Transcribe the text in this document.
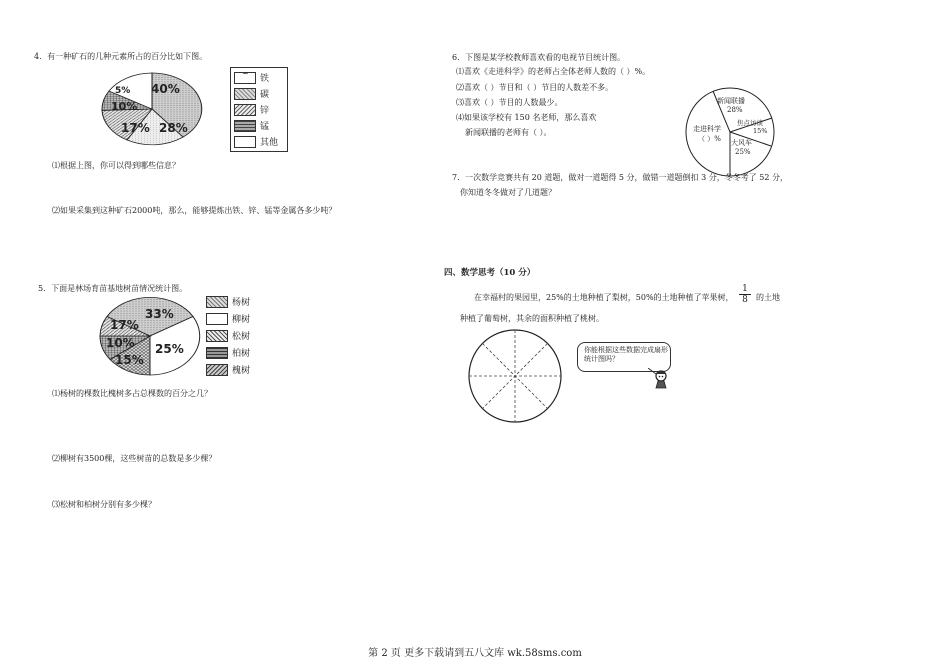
4．有一种矿石的几种元素所占的百分比如下图。
40%
5%
10%
17% 28%
~
铁
碳
锌
锰
其他
⑴根据上图，你可以得到哪些信息？
⑵如果采集到这种矿石2000吨，那么，能够提炼出铁、锌、锰等金属各多少吨？
5．下面是林场育苗基地树苗情况统计图。
33%
25%
17%
10%
15%
杨树
柳树
松树
柏树
槐树
⑴杨树的棵数比槐树多占总棵数的百分之几？
⑵柳树有3500棵，这些树苗的总数是多少棵？
⑶松树和柏树分别有多少棵？
6．下图是某学校教师喜欢看的电视节目统计图。
⑴喜欢《走进科学》的老师占全体老师人数的（ ）%。
⑵喜欢（ ）节目和（ ）节目的人数差不多。
⑶喜欢（ ）节目的人数最少。
⑷如果该学校有 150 名老师，那么喜欢
新闻联播的老师有（ ）。
新闻联播
28%
焦点访谈
15%
走进科学
（ ）% 大风车
25%
7．一次数学竞赛共有 20 道题，做对一道题得 5 分，做错一道题倒扣 3 分，冬冬考了 52 分，
你知道冬冬做对了几道题？
四、数学思考（10 分）
在幸福村的果园里，25%的土地种植了梨树，50%的土地种植了苹果树，
1
8	的土地
种植了葡萄树，其余的面积种植了桃树。
你能根据这些数据完成扇形
统计图吗？
第 2 页 更多下载请到五八文库 wk.58sms.com
